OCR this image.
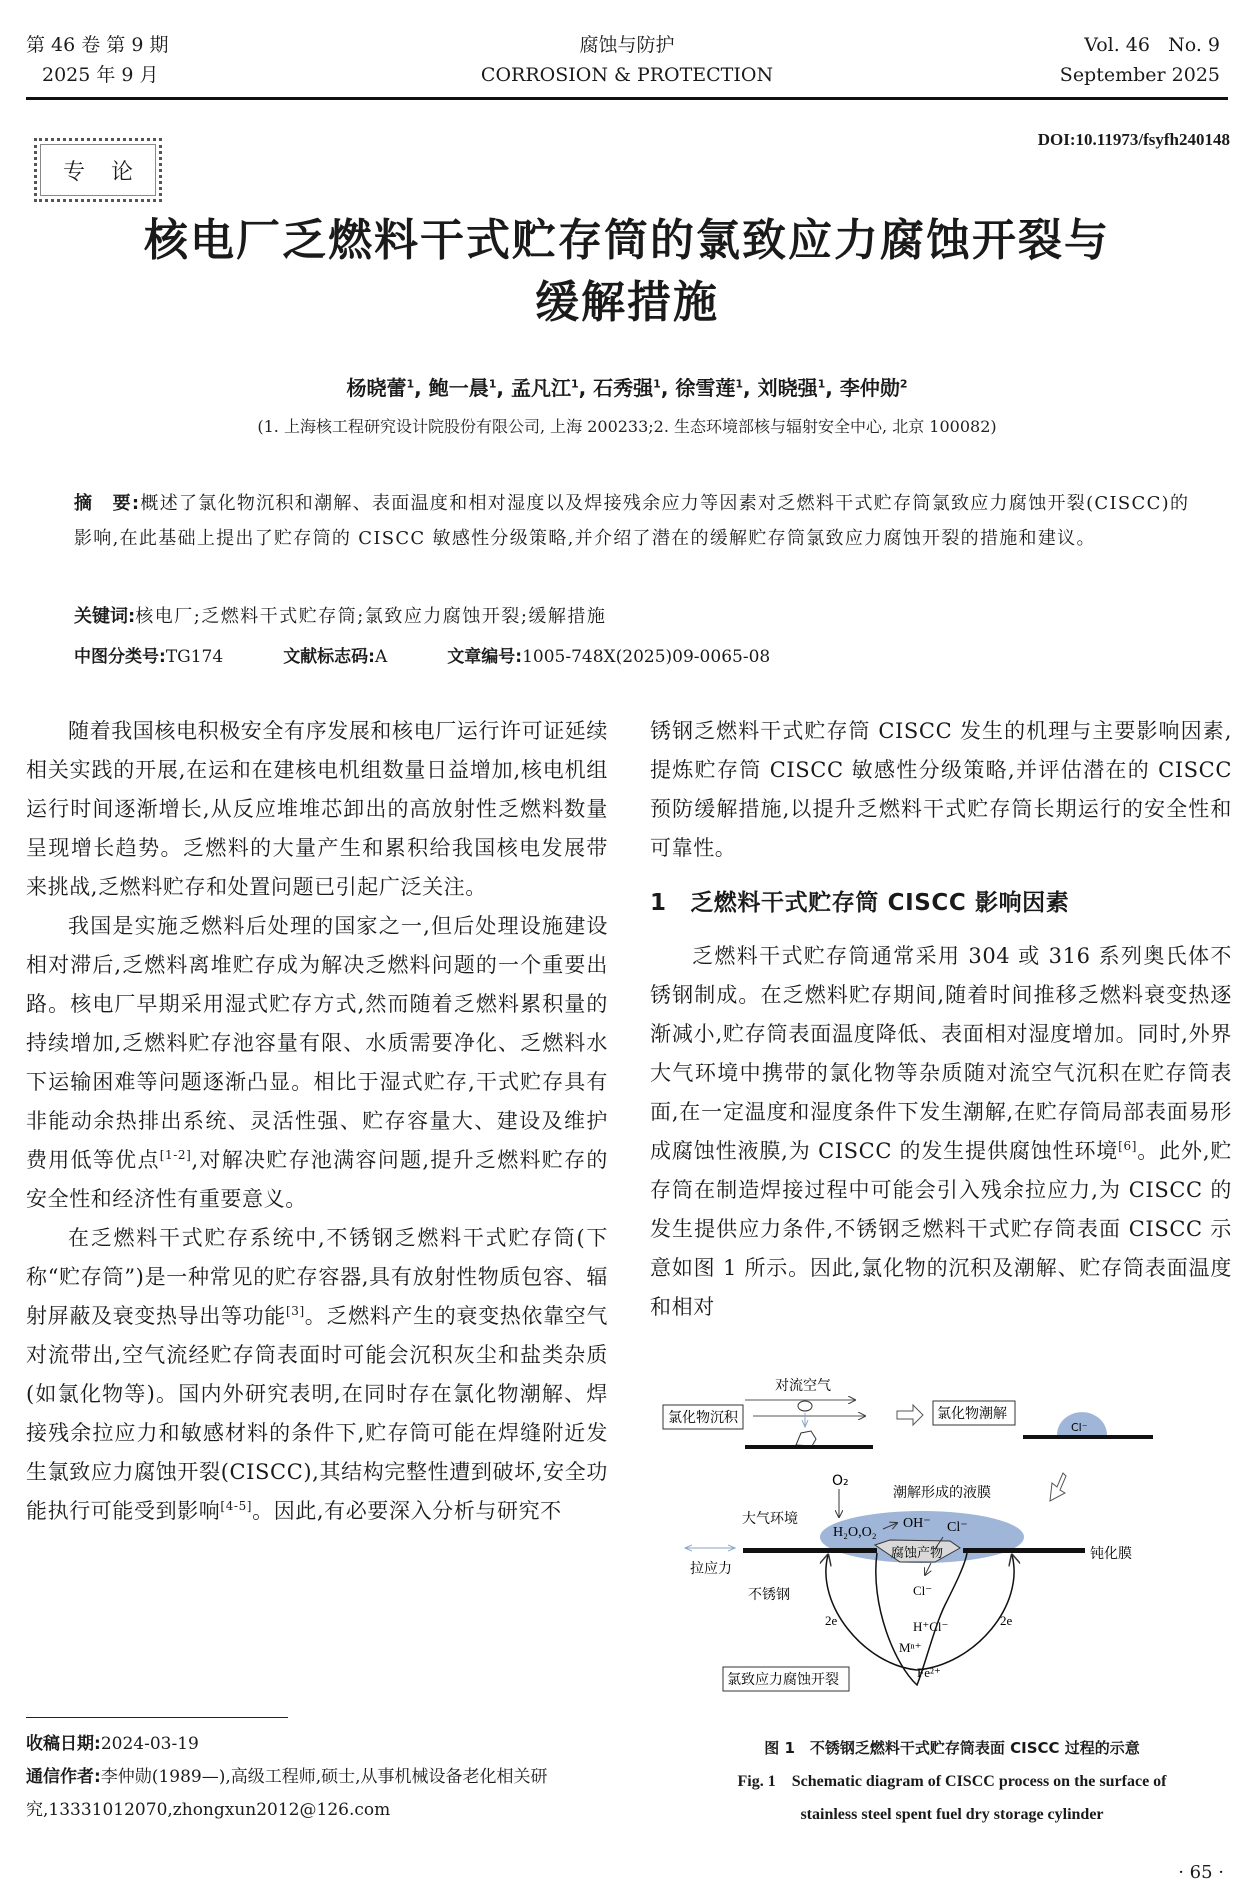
第 46 卷 第 9 期
2025 年 9 月
腐蚀与防护
CORROSION & PROTECTION
Vol. 46   No. 9
September 2025
DOI:10.11973/fsyfh240148
专论
核电厂乏燃料干式贮存筒的氯致应力腐蚀开裂与
缓解措施
杨晓蕾$^1$, 鲍一晨$^1$, 孟凡江$^1$, 石秀强$^1$, 徐雪莲$^1$, 刘晓强$^1$, 李仲勋$^2$
(1. 上海核工程研究设计院股份有限公司, 上海 200233;2. 生态环境部核与辐射安全中心, 北京 100082)
摘　要:概述了氯化物沉积和潮解、表面温度和相对湿度以及焊接残余应力等因素对乏燃料干式贮存筒氯致应力腐蚀开裂(CISCC)的影响,在此基础上提出了贮存筒的 CISCC 敏感性分级策略,并介绍了潜在的缓解贮存筒氯致应力腐蚀开裂的措施和建议。
关键词:核电厂;乏燃料干式贮存筒;氯致应力腐蚀开裂;缓解措施
中图分类号:TG174	文献标志码:A	文章编号:1005-748X(2025)09-0065-08

随着我国核电积极安全有序发展和核电厂运行许可证延续相关实践的开展,在运和在建核电机组数量日益增加,核电机组运行时间逐渐增长,从反应堆堆芯卸出的高放射性乏燃料数量呈现增长趋势。乏燃料的大量产生和累积给我国核电发展带来挑战,乏燃料贮存和处置问题已引起广泛关注。

我国是实施乏燃料后处理的国家之一,但后处理设施建设相对滞后,乏燃料离堆贮存成为解决乏燃料问题的一个重要出路。核电厂早期采用湿式贮存方式,然而随着乏燃料累积量的持续增加,乏燃料贮存池容量有限、水质需要净化、乏燃料水下运输困难等问题逐渐凸显。相比于湿式贮存,干式贮存具有非能动余热排出系统、灵活性强、贮存容量大、建设及维护费用低等优点[1-2],对解决贮存池满容问题,提升乏燃料贮存的安全性和经济性有重要意义。

在乏燃料干式贮存系统中,不锈钢乏燃料干式贮存筒(下称“贮存筒”)是一种常见的贮存容器,具有放射性物质包容、辐射屏蔽及衰变热导出等功能[3]。乏燃料产生的衰变热依靠空气对流带出,空气流经贮存筒表面时可能会沉积灰尘和盐类杂质(如氯化物等)。国内外研究表明,在同时存在氯化物潮解、焊接残余拉应力和敏感材料的条件下,贮存筒可能在焊缝附近发生氯致应力腐蚀开裂(CISCC),其结构完整性遭到破坏,安全功能执行可能受到影响[4-5]。因此,有必要深入分析与研究不

收稿日期:2024-03-19
通信作者:李仲勋(1989—),高级工程师,硕士,从事机械设备老化相关研究,13331012070,zhongxun2012@126.com

锈钢乏燃料干式贮存筒 CISCC 发生的机理与主要影响因素,提炼贮存筒 CISCC 敏感性分级策略,并评估潜在的 CISCC 预防缓解措施,以提升乏燃料干式贮存筒长期运行的安全性和可靠性。

1　乏燃料干式贮存筒 CISCC 影响因素

乏燃料干式贮存筒通常采用 304 或 316 系列奥氏体不锈钢制成。在乏燃料贮存期间,随着时间推移乏燃料衰变热逐渐减小,贮存筒表面温度降低、表面相对湿度增加。同时,外界大气环境中携带的氯化物等杂质随对流空气沉积在贮存筒表面,在一定温度和湿度条件下发生潮解,在贮存筒局部表面易形成腐蚀性液膜,为 CISCC 的发生提供腐蚀性环境[6]。此外,贮存筒在制造焊接过程中可能会引入残余拉应力,为 CISCC 的发生提供应力条件,不锈钢乏燃料干式贮存筒表面 CISCC 示意如图 1 所示。因此,氯化物的沉积及潮解、贮存筒表面温度和相对

对流空气
氯化物沉积	氯化物潮解
Cl⁻
O₂
潮解形成的液膜
大气环境
H₂O,O₂
OH⁻ Cl⁻
钝化膜
拉应力
腐蚀产物
不锈钢	Cl⁻
2e	2e
H⁺Cl⁻
Mⁿ⁺
Fe²⁺
氯致应力腐蚀开裂
图 1　不锈钢乏燃料干式贮存筒表面 CISCC 过程的示意
Fig. 1　Schematic diagram of CISCC process on the surface of
stainless steel spent fuel dry storage cylinder
· 65 ·
